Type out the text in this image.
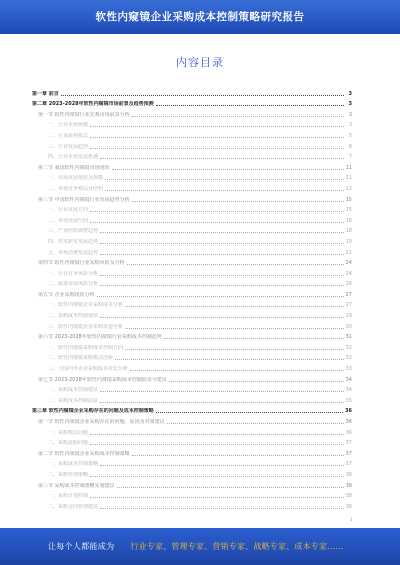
软性内窥镜企业采购成本控制策略研究报告
内容目录
第一章 前言	3
第二章 2023-2028年软性内窥镜市场前景及趋势预测	3
第一节 软性内窥镜行业宏观市场前景分析	3
一、行业市场规模	3
二、行业盈利模式	5
三、行业发展趋势	6
四、行业市场发展机遇	7
第二节 我国软性内窥镜市场现状	11
一、市场发展现状及规模	11
二、市场竞争格局及结构	12
第三节 中国软性内窥镜行业发展趋势分析	15
一、行业发展方向	15
二、市场发展空间	16
三、产业结构调整趋势	18
四、技术研发发展趋势	19
五、市场消费发展趋势	21
第四节 软性内窥镜行业采购风险及分析	24
一、行业竞争风险分析	24
二、政策市场风险分析	26
第五节 企业采购现状分析	27
一、软性内窥镜企业采购成本分析	27
二、采购成本控制现状	29
三、软性内窥镜企业采购渠道分析	30
第六节 2023-2028年软性内窥镜行业采购成本控制趋势	31
一、软性内窥镜采购成本控制方向	32
二、软性内窥镜采购模式创新	32
三、与国内外企业采购成本对比分析	33
第七节 2023-2028年软性内窥镜采购成本控制前景与建议	34
一、采购成本控制建议	34
二、采购成本控制前景	35
第三章 软性内窥镜企业采购存在的问题及成本控制策略	36
第一节 软性内窥镜企业采购存在的问题、原因及对策建议	36
一、采购模式问题	36
二、采购流程问题	37
第二节 软性内窥镜企业采购成本控制策略	37
一、采购成本控制策略	37
二、采购管理策略	38
第三节 采购成本控制策略实施建议	38
一、采购计划控制	38
二、采购合同管理建议	38
1
让每个人都能成为 行业专家、管理专家、营销专家、战略专家、成本专家……
